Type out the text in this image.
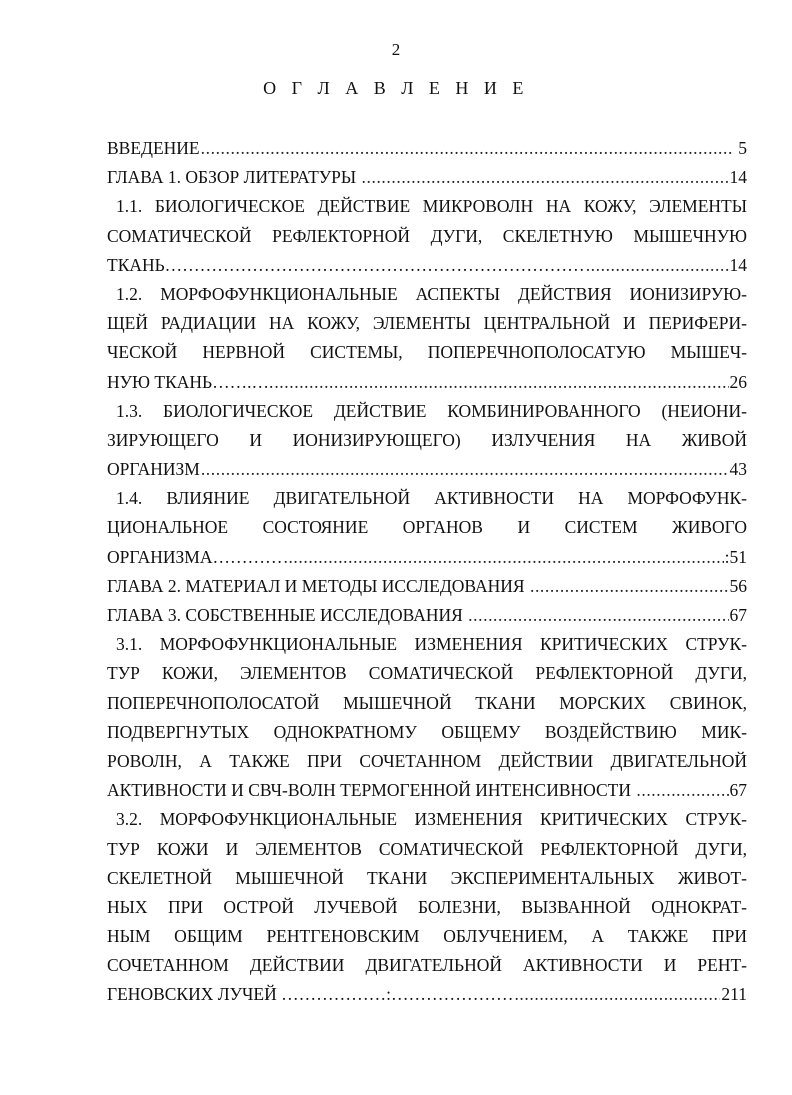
2
О Г Л А В Л Е Н И Е
ВВЕДЕНИЕ .....	5
ГЛАВА 1. ОБЗОР ЛИТЕРАТУРЫ .....	14
1.1. БИОЛОГИЧЕСКОЕ ДЕЙСТВИЕ МИКРОВОЛН НА КОЖУ, ЭЛЕМЕНТЫ
СОМАТИЧЕСКОЙ РЕФЛЕКТОРНОЙ ДУГИ, СКЕЛЕТНУЮ МЫШЕЧНУЮ
ТКАНЬ……………………………………………………………… .....	14
1.2. МОРФОФУНКЦИОНАЛЬНЫЕ АСПЕКТЫ ДЕЙСТВИЯ ИОНИЗИРУЮ-
ЩЕЙ РАДИАЦИИ НА КОЖУ, ЭЛЕМЕНТЫ ЦЕНТРАЛЬНОЙ И ПЕРИФЕРИ-
ЧЕСКОЙ НЕРВНОЙ СИСТЕМЫ, ПОПЕРЕЧНОПОЛОСАТУЮ МЫШЕЧ-
НУЮ ТКАНЬ…….…. .....	26
1.3. БИОЛОГИЧЕСКОЕ ДЕЙСТВИЕ КОМБИНИРОВАННОГО (НЕИОНИ-
ЗИРУЮЩЕГО И ИОНИЗИРУЮЩЕГО) ИЗЛУЧЕНИЯ НА ЖИВОЙ
ОРГАНИЗМ .....	43
1.4. ВЛИЯНИЕ ДВИГАТЕЛЬНОЙ АКТИВНОСТИ НА МОРФОФУНК-
ЦИОНАЛЬНОЕ СОСТОЯНИЕ ОРГАНОВ И СИСТЕМ ЖИВОГО
ОРГАНИЗМА………… .....	:51
ГЛАВА 2. МАТЕРИАЛ И МЕТОДЫ ИССЛЕДОВАНИЯ .....	56
ГЛАВА 3. СОБСТВЕННЫЕ ИССЛЕДОВАНИЯ .....	67
3.1. МОРФОФУНКЦИОНАЛЬНЫЕ ИЗМЕНЕНИЯ КРИТИЧЕСКИХ СТРУК-
ТУР КОЖИ, ЭЛЕМЕНТОВ СОМАТИЧЕСКОЙ РЕФЛЕКТОРНОЙ ДУГИ,
ПОПЕРЕЧНОПОЛОСАТОЙ МЫШЕЧНОЙ ТКАНИ МОРСКИХ СВИНОК,
ПОДВЕРГНУТЫХ ОДНОКРАТНОМУ ОБЩЕМУ ВОЗДЕЙСТВИЮ МИК-
РОВОЛН, А ТАКЖЕ ПРИ СОЧЕТАННОМ ДЕЙСТВИИ ДВИГАТЕЛЬНОЙ
АКТИВНОСТИ И СВЧ-ВОЛН ТЕРМОГЕННОЙ ИНТЕНСИВНОСТИ .....	67
3.2. МОРФОФУНКЦИОНАЛЬНЫЕ ИЗМЕНЕНИЯ КРИТИЧЕСКИХ СТРУК-
ТУР КОЖИ И ЭЛЕМЕНТОВ СОМАТИЧЕСКОЙ РЕФЛЕКТОРНОЙ ДУГИ,
СКЕЛЕТНОЙ МЫШЕЧНОЙ ТКАНИ ЭКСПЕРИМЕНТАЛЬНЫХ ЖИВОТ-
НЫХ ПРИ ОСТРОЙ ЛУЧЕВОЙ БОЛЕЗНИ, ВЫЗВАННОЙ ОДНОКРАТ-
НЫМ ОБЩИМ РЕНТГЕНОВСКИМ ОБЛУЧЕНИЕМ, А ТАКЖЕ ПРИ
СОЧЕТАННОМ ДЕЙСТВИИ ДВИГАТЕЛЬНОЙ АКТИВНОСТИ И РЕНТ-
ГЕНОВСКИХ ЛУЧЕЙ ………………:………………… .....	211
